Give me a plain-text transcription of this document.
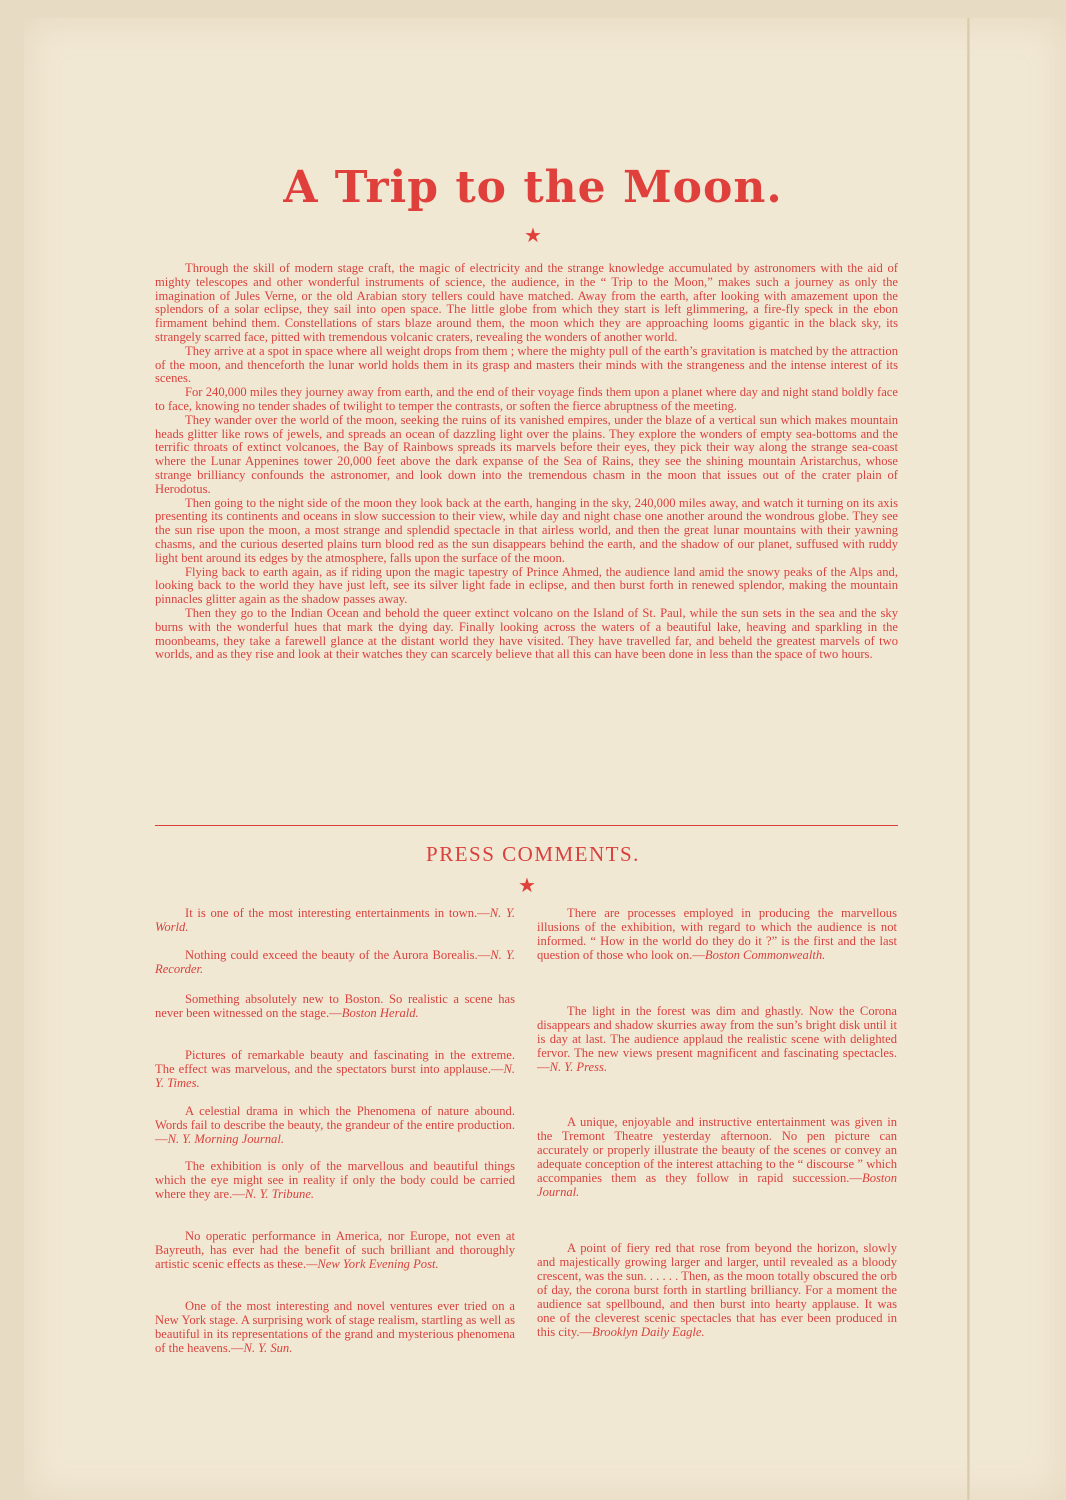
A Trip to the Moon.
★

Through the skill of modern stage craft, the magic of electricity and the strange knowledge accumulated by astronomers with the aid of mighty telescopes and other wonderful instruments of science, the audience, in the “ Trip to the Moon,” makes such a journey as only the imagination of Jules Verne, or the old Arabian story tellers could have matched. Away from the earth, after looking with amazement upon the splendors of a solar eclipse, they sail into open space. The little globe from which they start is left glimmering, a fire-fly speck in the ebon firmament behind them. Constellations of stars blaze around them, the moon which they are approaching looms gigantic in the black sky, its strangely scarred face, pitted with tremendous volcanic craters, revealing the wonders of another world.

They arrive at a spot in space where all weight drops from them ; where the mighty pull of the earth’s gravitation is matched by the attraction of the moon, and thenceforth the lunar world holds them in its grasp and masters their minds with the strangeness and the intense interest of its scenes.

For 240,000 miles they journey away from earth, and the end of their voyage finds them upon a planet where day and night stand boldly face to face, knowing no tender shades of twilight to temper the contrasts, or soften the fierce abruptness of the meeting.

They wander over the world of the moon, seeking the ruins of its vanished empires, under the blaze of a vertical sun which makes mountain heads glitter like rows of jewels, and spreads an ocean of dazzling light over the plains. They explore the wonders of empty sea-bottoms and the terrific throats of extinct volcanoes, the Bay of Rainbows spreads its marvels before their eyes, they pick their way along the strange sea-coast where the Lunar Appenines tower 20,000 feet above the dark expanse of the Sea of Rains, they see the shining mountain Aristarchus, whose strange brilliancy confounds the astronomer, and look down into the tremendous chasm in the moon that issues out of the crater plain of Herodotus.

Then going to the night side of the moon they look back at the earth, hanging in the sky, 240,000 miles away, and watch it turning on its axis presenting its continents and oceans in slow succession to their view, while day and night chase one another around the wondrous globe. They see the sun rise upon the moon, a most strange and splendid spectacle in that airless world, and then the great lunar mountains with their yawning chasms, and the curious deserted plains turn blood red as the sun disappears behind the earth, and the shadow of our planet, suffused with ruddy light bent around its edges by the atmosphere, falls upon the surface of the moon.

Flying back to earth again, as if riding upon the magic tapestry of Prince Ahmed, the audience land amid the snowy peaks of the Alps and, looking back to the world they have just left, see its silver light fade in eclipse, and then burst forth in renewed splendor, making the mountain pinnacles glitter again as the shadow passes away.

Then they go to the Indian Ocean and behold the queer extinct volcano on the Island of St. Paul, while the sun sets in the sea and the sky burns with the wonderful hues that mark the dying day. Finally looking across the waters of a beautiful lake, heaving and sparkling in the moonbeams, they take a farewell glance at the distant world they have visited. They have travelled far, and beheld the greatest marvels of two worlds, and as they rise and look at their watches they can scarcely believe that all this can have been done in less than the space of two hours.

PRESS COMMENTS.
★

It is one of the most interesting entertainments in town.—N. Y. World.

Nothing could exceed the beauty of the Aurora Borealis.—N. Y. Recorder.

Something absolutely new to Boston. So realistic a scene has never been witnessed on the stage.—Boston Herald.

Pictures of remarkable beauty and fascinating in the extreme. The effect was marvelous, and the spectators burst into applause.—N. Y. Times.

A celestial drama in which the Phenomena of nature abound. Words fail to describe the beauty, the grandeur of the entire production.—N. Y. Morning Journal.

The exhibition is only of the marvellous and beautiful things which the eye might see in reality if only the body could be carried where they are.—N. Y. Tribune.

No operatic performance in America, nor Europe, not even at Bayreuth, has ever had the benefit of such brilliant and thoroughly artistic scenic effects as these.—New York Evening Post.

One of the most interesting and novel ventures ever tried on a New York stage. A surprising work of stage realism, startling as well as beautiful in its representations of the grand and mysterious phenomena of the heavens.—N. Y. Sun.

There are processes employed in producing the marvellous illusions of the exhibition, with regard to which the audience is not informed. “ How in the world do they do it ?” is the first and the last question of those who look on.—Boston Commonwealth.

The light in the forest was dim and ghastly. Now the Corona disappears and shadow skurries away from the sun’s bright disk until it is day at last. The audience applaud the realistic scene with delighted fervor. The new views present magnificent and fascinating spectacles.—N. Y. Press.

A unique, enjoyable and instructive entertainment was given in the Tremont Theatre yesterday afternoon. No pen picture can accurately or properly illustrate the beauty of the scenes or convey an adequate conception of the interest attaching to the “ discourse ” which accompanies them as they follow in rapid succession.—Boston Journal.

A point of fiery red that rose from beyond the horizon, slowly and majestically growing larger and larger, until revealed as a bloody crescent, was the sun. . . . . . Then, as the moon totally obscured the orb of day, the corona burst forth in startling brilliancy. For a moment the audience sat spellbound, and then burst into hearty applause. It was one of the cleverest scenic spectacles that has ever been produced in this city.—Brooklyn Daily Eagle.
